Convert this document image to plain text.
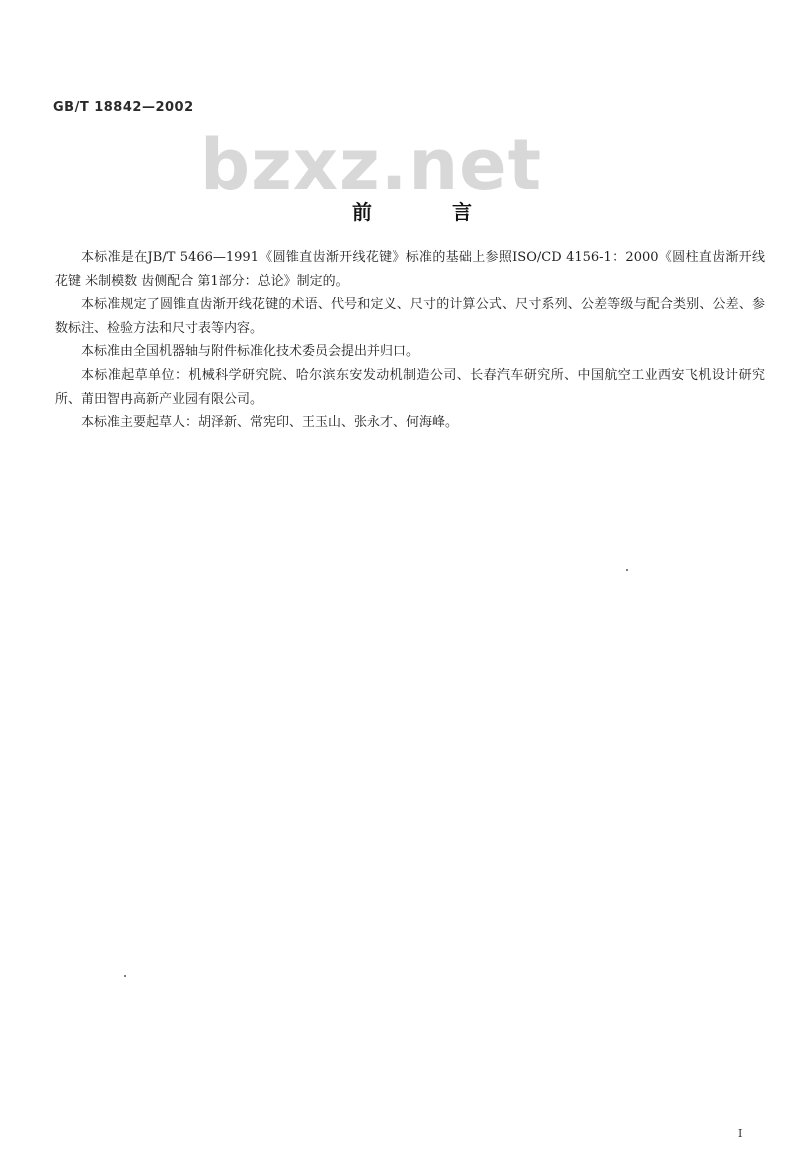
GB/T 18842—2002
bzxz.net
前	言

本标准是在JB/T 5466—1991《圆锥直齿渐开线花键》标准的基础上参照ISO/CD 4156-1：2000《圆柱直齿渐开线花键 米制模数 齿侧配合 第1部分：总论》制定的。

本标准规定了圆锥直齿渐开线花键的术语、代号和定义、尺寸的计算公式、尺寸系列、公差等级与配合类别、公差、参数标注、检验方法和尺寸表等内容。

本标准由全国机器轴与附件标准化技术委员会提出并归口。

本标准起草单位：机械科学研究院、哈尔滨东安发动机制造公司、长春汽车研究所、中国航空工业西安飞机设计研究所、莆田智冉高新产业园有限公司。

本标准主要起草人：胡泽新、常宪印、王玉山、张永才、何海峰。

I
